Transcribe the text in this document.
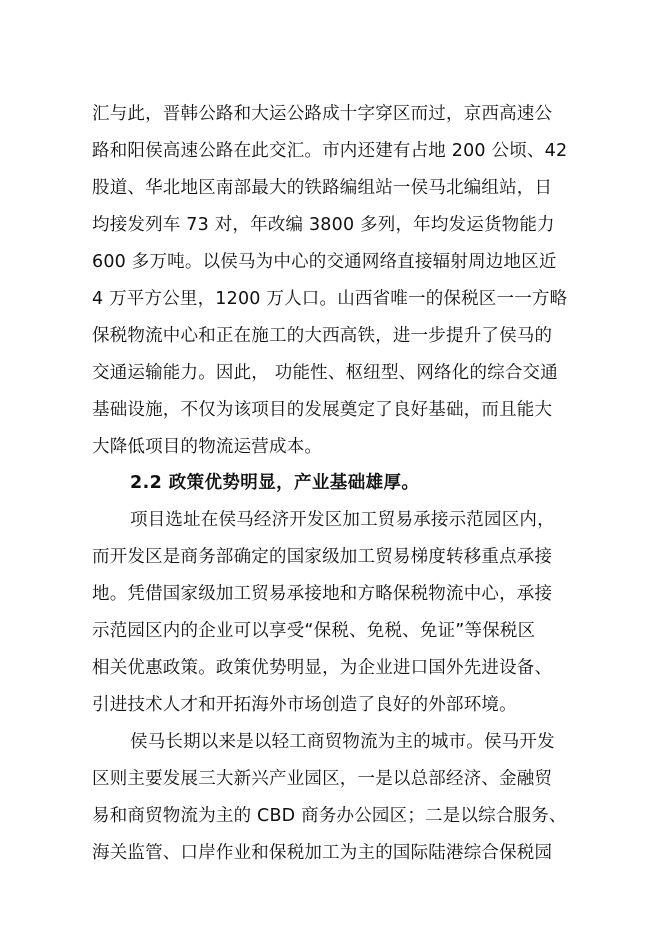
汇与此，晋韩公路和大运公路成十字穿区而过，京西高速公
路和阳侯高速公路在此交汇。市内还建有占地 200 公顷、42
股道、华北地区南部最大的铁路编组站一侯马北编组站，日
均接发列车 73 对，年改编 3800 多列，年均发运货物能力
600 多万吨。以侯马为中心的交通网络直接辐射周边地区近
4 万平方公里，1200 万人口。山西省唯一的保税区一一方略
保税物流中心和正在施工的大西高铁，进一步提升了侯马的
交通运输能力。因此， 功能性、枢纽型、网络化的综合交通
基础设施，不仅为该项目的发展奠定了良好基础，而且能大
大降低项目的物流运营成本。
2.2 政策优势明显，产业基础雄厚。
项目选址在侯马经济开发区加工贸易承接示范园区内，
而开发区是商务部确定的国家级加工贸易梯度转移重点承接
地。凭借国家级加工贸易承接地和方略保税物流中心，承接
示范园区内的企业可以享受“保税、免税、免证”等保税区
相关优惠政策。政策优势明显，为企业进口国外先进设备、
引进技术人才和开拓海外市场创造了良好的外部环境。
侯马长期以来是以轻工商贸物流为主的城市。侯马开发
区则主要发展三大新兴产业园区，一是以总部经济、金融贸
易和商贸物流为主的 CBD 商务办公园区；二是以综合服务、
海关监管、口岸作业和保税加工为主的国际陆港综合保税园
